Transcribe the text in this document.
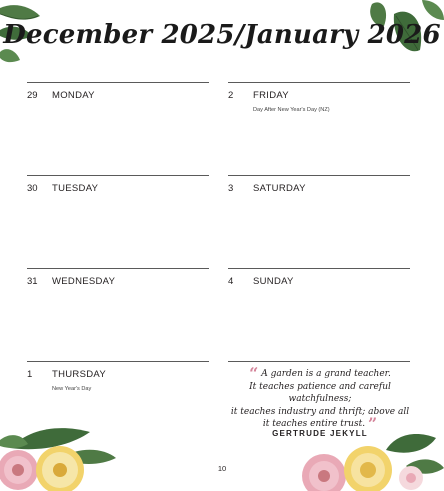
December 2025/January 2026
29	MONDAY
30	TUESDAY
31	WEDNESDAY
1	THURSDAY
New Year's Day
2	FRIDAY
Day After New Year's Day (NZ)
3	SATURDAY
4	SUNDAY
“ A garden is a grand teacher.
It teaches patience and careful watchfulness;
it teaches industry and thrift; above all
it teaches entire trust. ”
GERTRUDE JEKYLL
10
